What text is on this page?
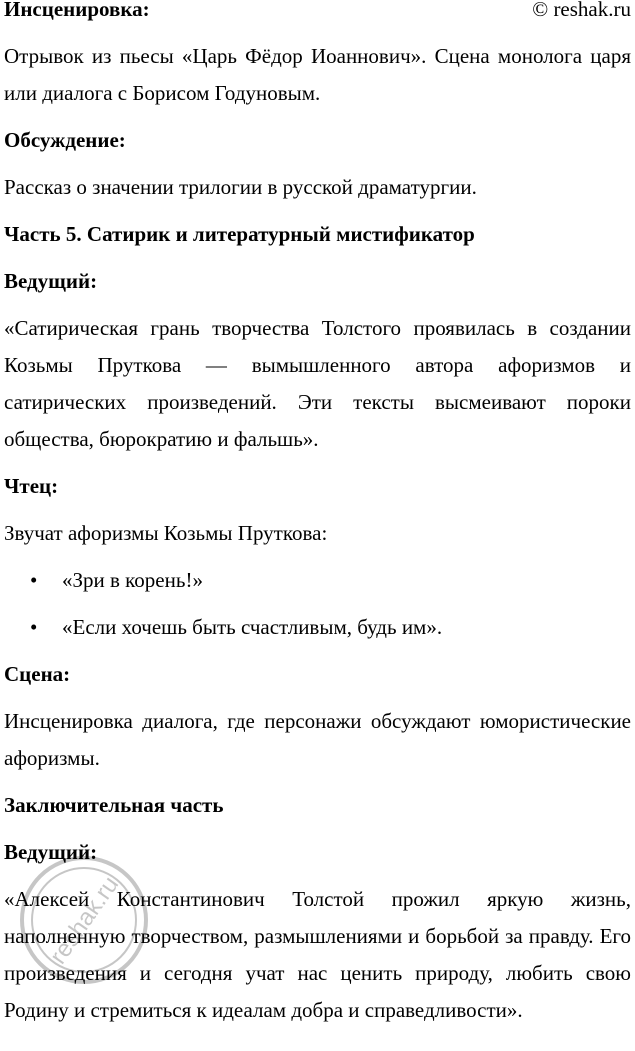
Инсценировка:	© reshak.ru

Отрывок из пьесы «Царь Фёдор Иоаннович». Сцена монолога царя или диалога с Борисом Годуновым.

Обсуждение:

Рассказ о значении трилогии в русской драматургии.

Часть 5. Сатирик и литературный мистификатор

Ведущий:

«Сатирическая грань творчества Толстого проявилась в создании Козьмы Пруткова — вымышленного автора афоризмов и сатирических произведений. Эти тексты высмеивают пороки общества, бюрократию и фальшь».

Чтец:

Звучат афоризмы Козьмы Пруткова:

• «Зри в корень!»
• «Если хочешь быть счастливым, будь им».

Сцена:

Инсценировка диалога, где персонажи обсуждают юмористические афоризмы.

Заключительная часть

Ведущий:

«Алексей Константинович Толстой прожил яркую жизнь, наполненную творчеством, размышлениями и борьбой за правду. Его произведения и сегодня учат нас ценить природу, любить свою Родину и стремиться к идеалам добра и справедливости».

reshak.ru
